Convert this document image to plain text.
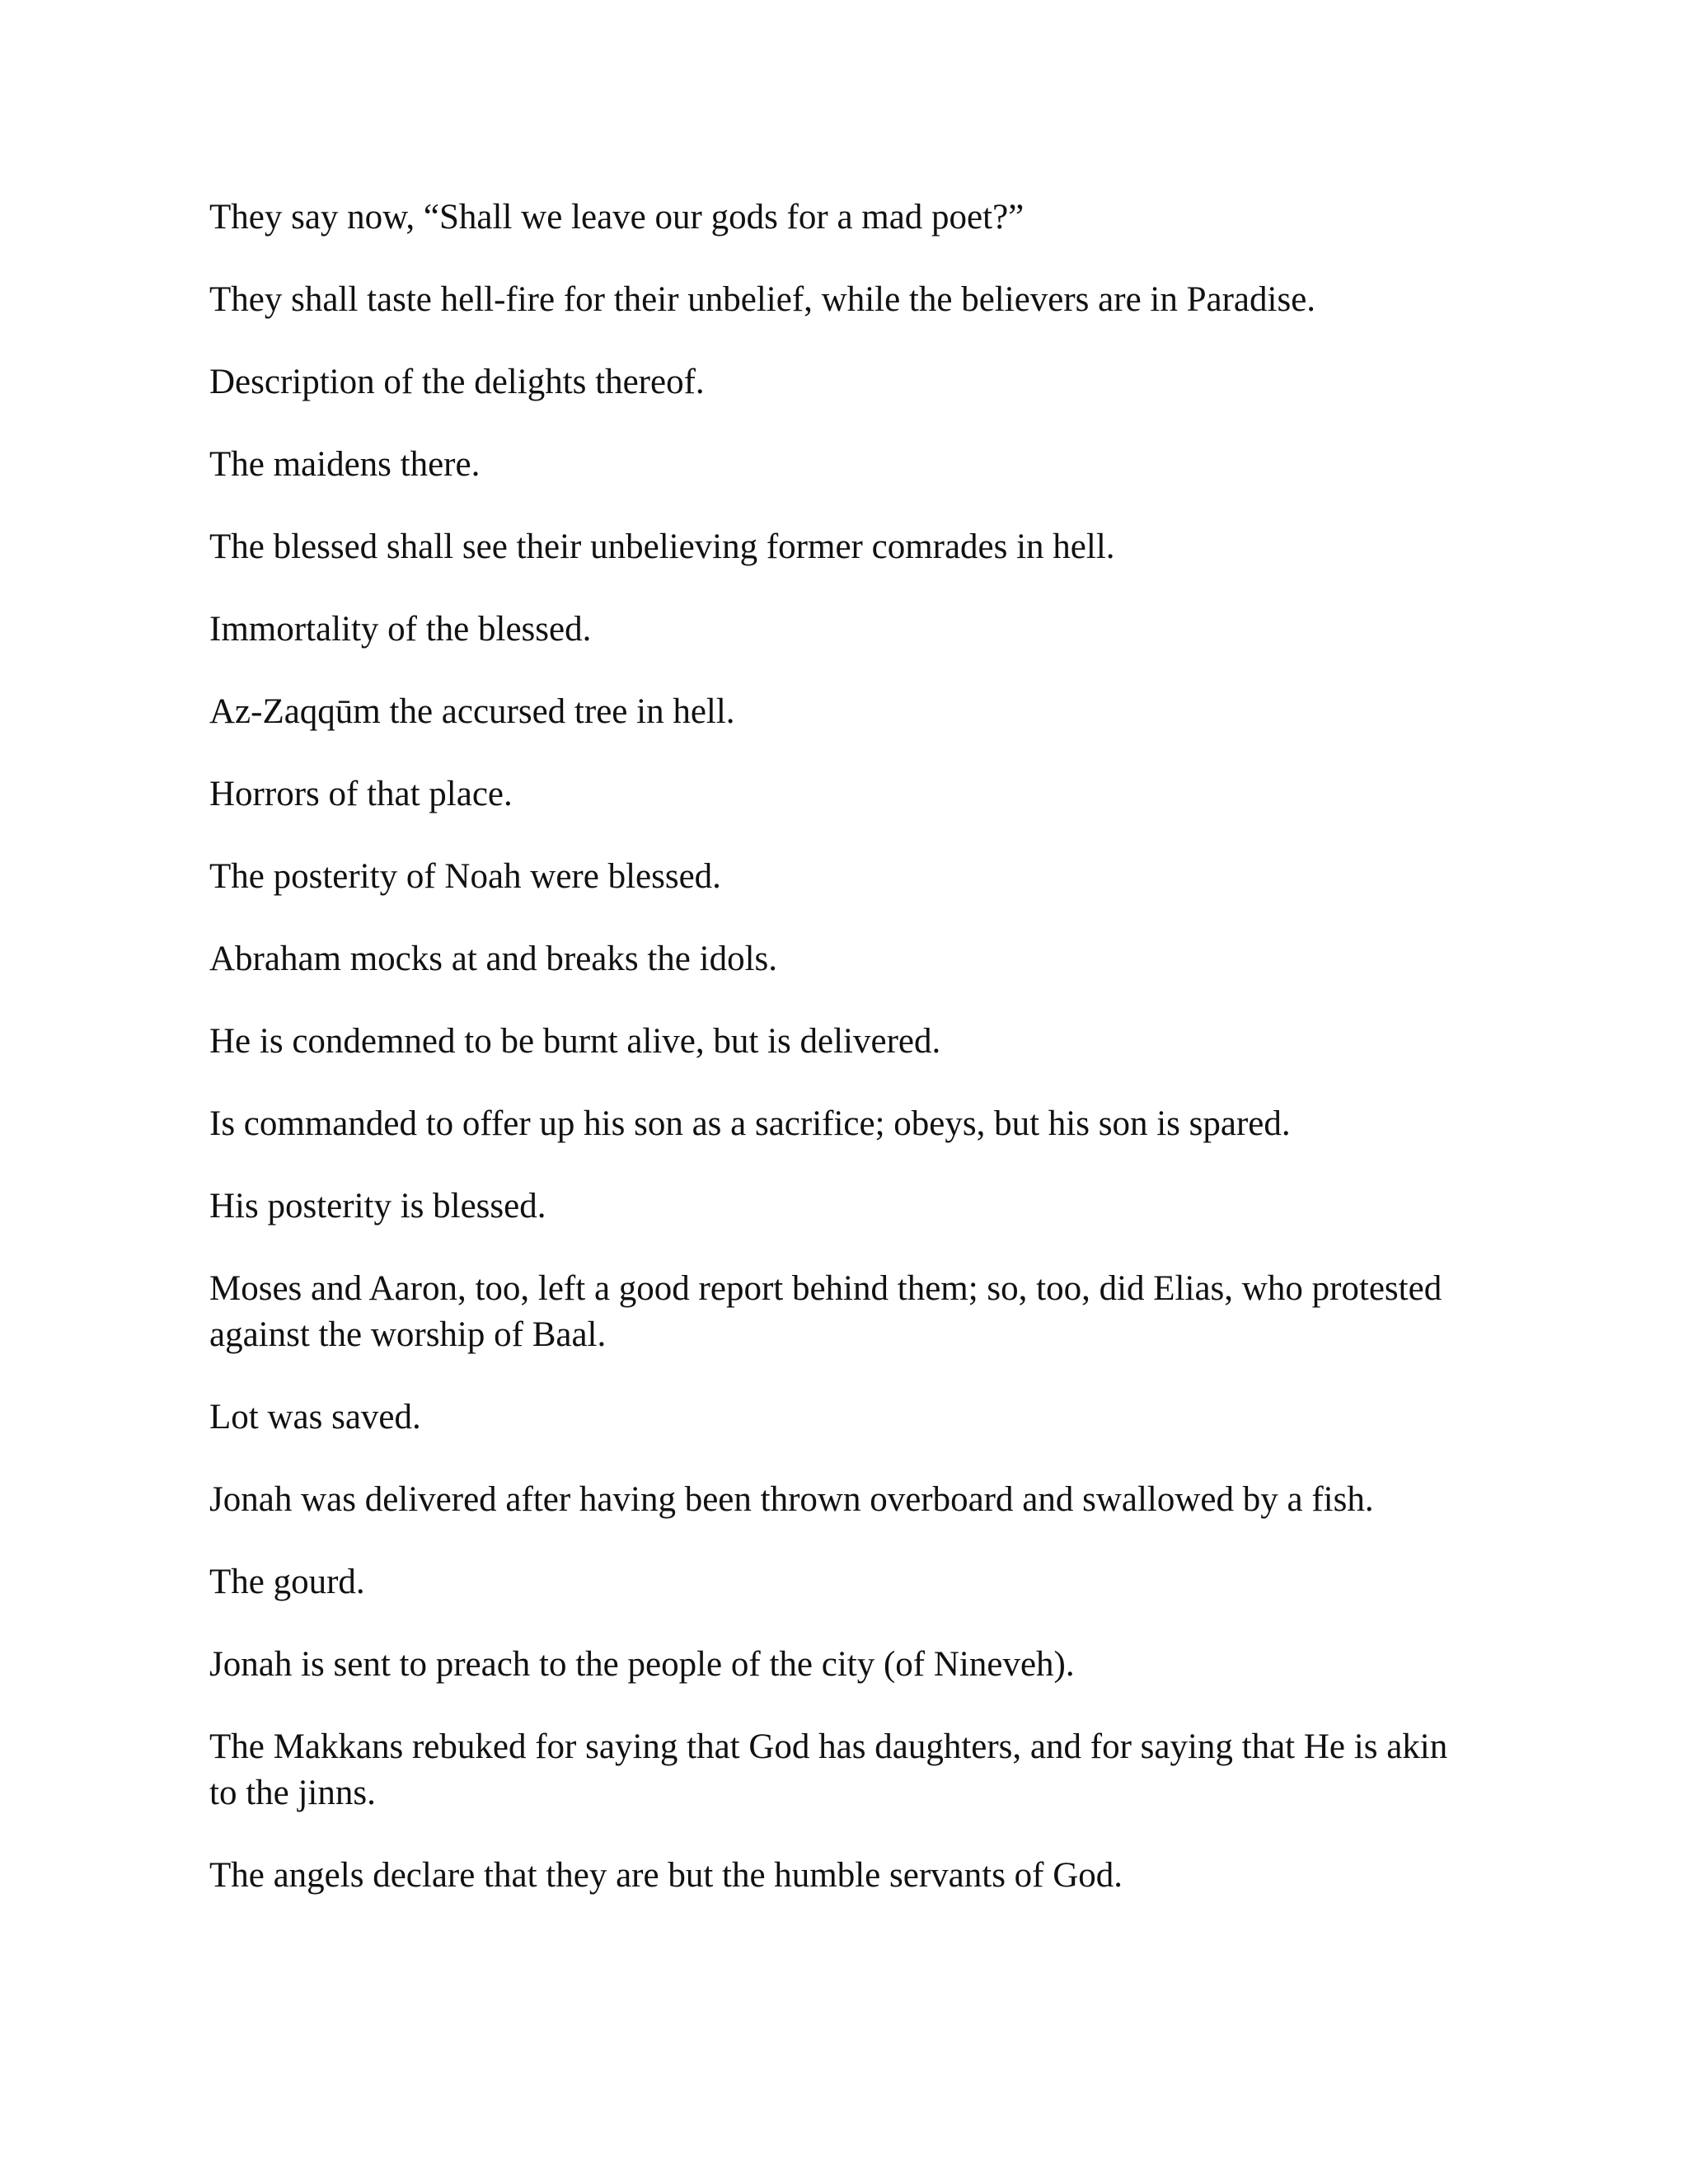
They say now, “Shall we leave our gods for a mad poet?”

They shall taste hell-fire for their unbelief, while the believers are in Paradise.

Description of the delights thereof.

The maidens there.

The blessed shall see their unbelieving former comrades in hell.

Immortality of the blessed.

Az-Zaqqūm the accursed tree in hell.

Horrors of that place.

The posterity of Noah were blessed.

Abraham mocks at and breaks the idols.

He is condemned to be burnt alive, but is delivered.

Is commanded to offer up his son as a sacrifice; obeys, but his son is spared.

His posterity is blessed.

Moses and Aaron, too, left a good report behind them; so, too, did Elias, who protested against the worship of Baal.

Lot was saved.

Jonah was delivered after having been thrown overboard and swallowed by a fish.

The gourd.

Jonah is sent to preach to the people of the city (of Nineveh).

The Makkans rebuked for saying that God has daughters, and for saying that He is akin to the jinns.

The angels declare that they are but the humble servants of God.
